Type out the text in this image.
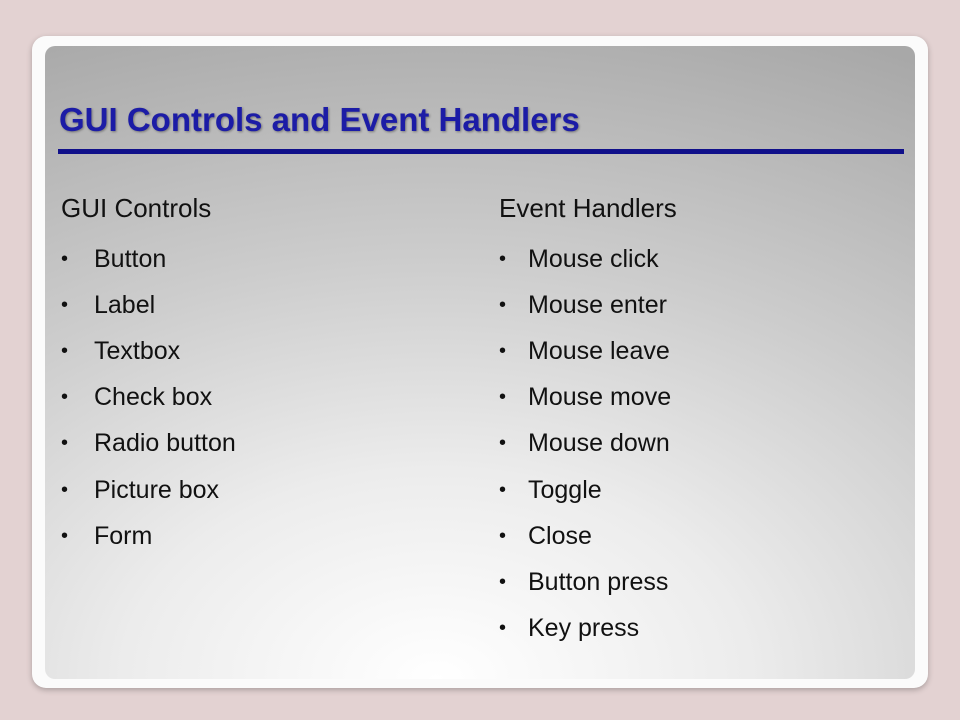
GUI Controls and Event Handlers
GUI Controls
•	Button
•	Label
•	Textbox
•	Check box
•	Radio button
•	Picture box
•	Form
Event Handlers
• Mouse click
• Mouse enter
• Mouse leave
• Mouse move
• Mouse down
• Toggle
• Close
• Button press
• Key press
